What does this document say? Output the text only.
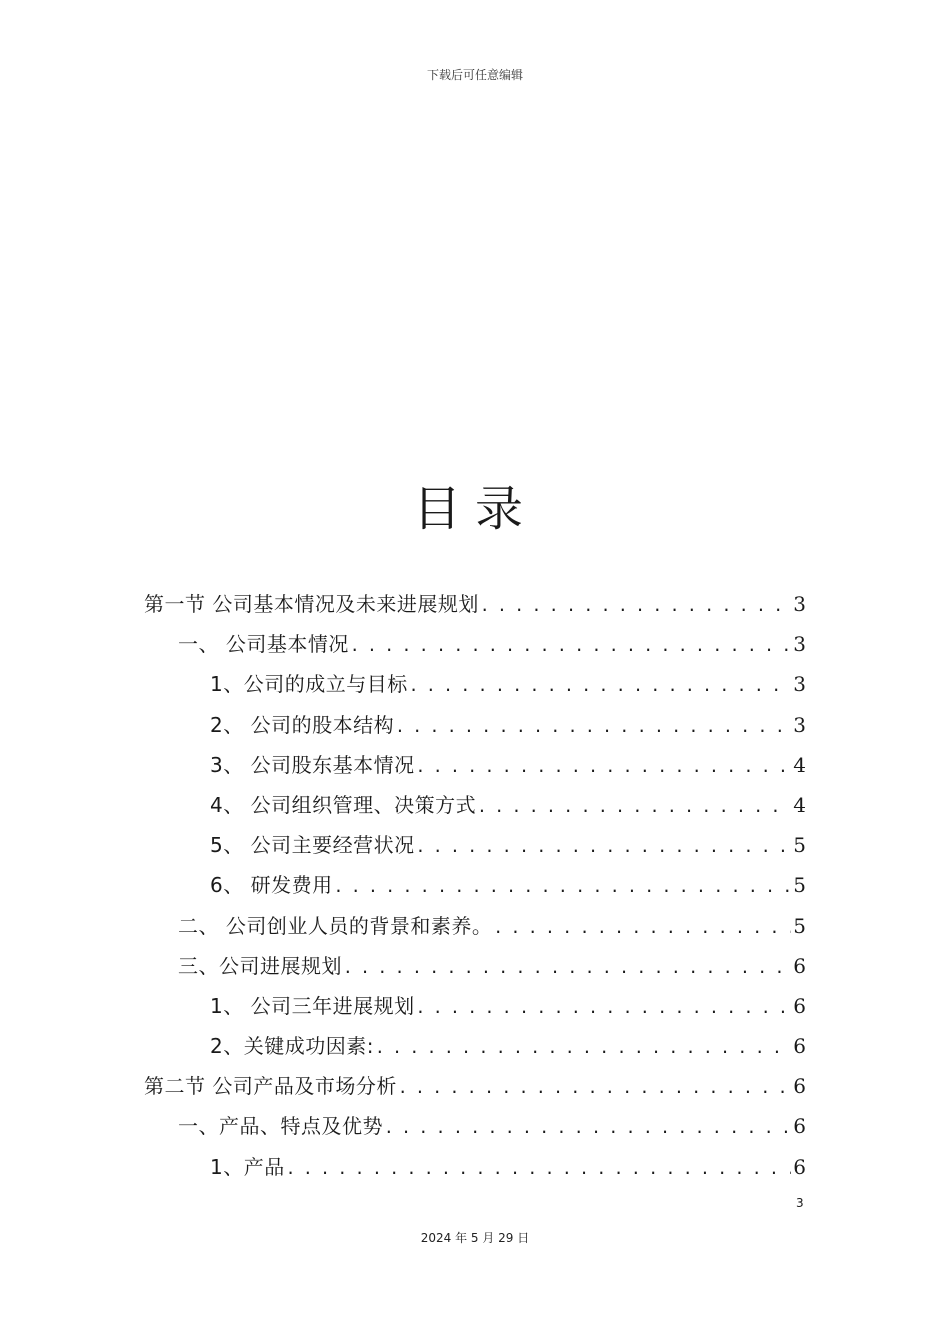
下载后可任意编辑
目录
第一节 公司基本情况及未来进展规划 . . .	3
一、 公司基本情况 . . .	3
1、公司的成立与目标 . . .	3
2、 公司的股本结构 . . .	3
3、 公司股东基本情况 . . .	4
4、 公司组织管理、决策方式 . . .	4
5、 公司主要经营状况 . . .	5
6、 研发费用 . . .	5
二、 公司创业人员的背景和素养。 . . .	5
三、公司进展规划 . . .	6
1、 公司三年进展规划 . . .	6
2、关键成功因素: . . .	6
第二节 公司产品及市场分析 . . .	6
一、产品、特点及优势 . . .	6
1、产品 . . .	6
3
2024 年 5 月 29 日
